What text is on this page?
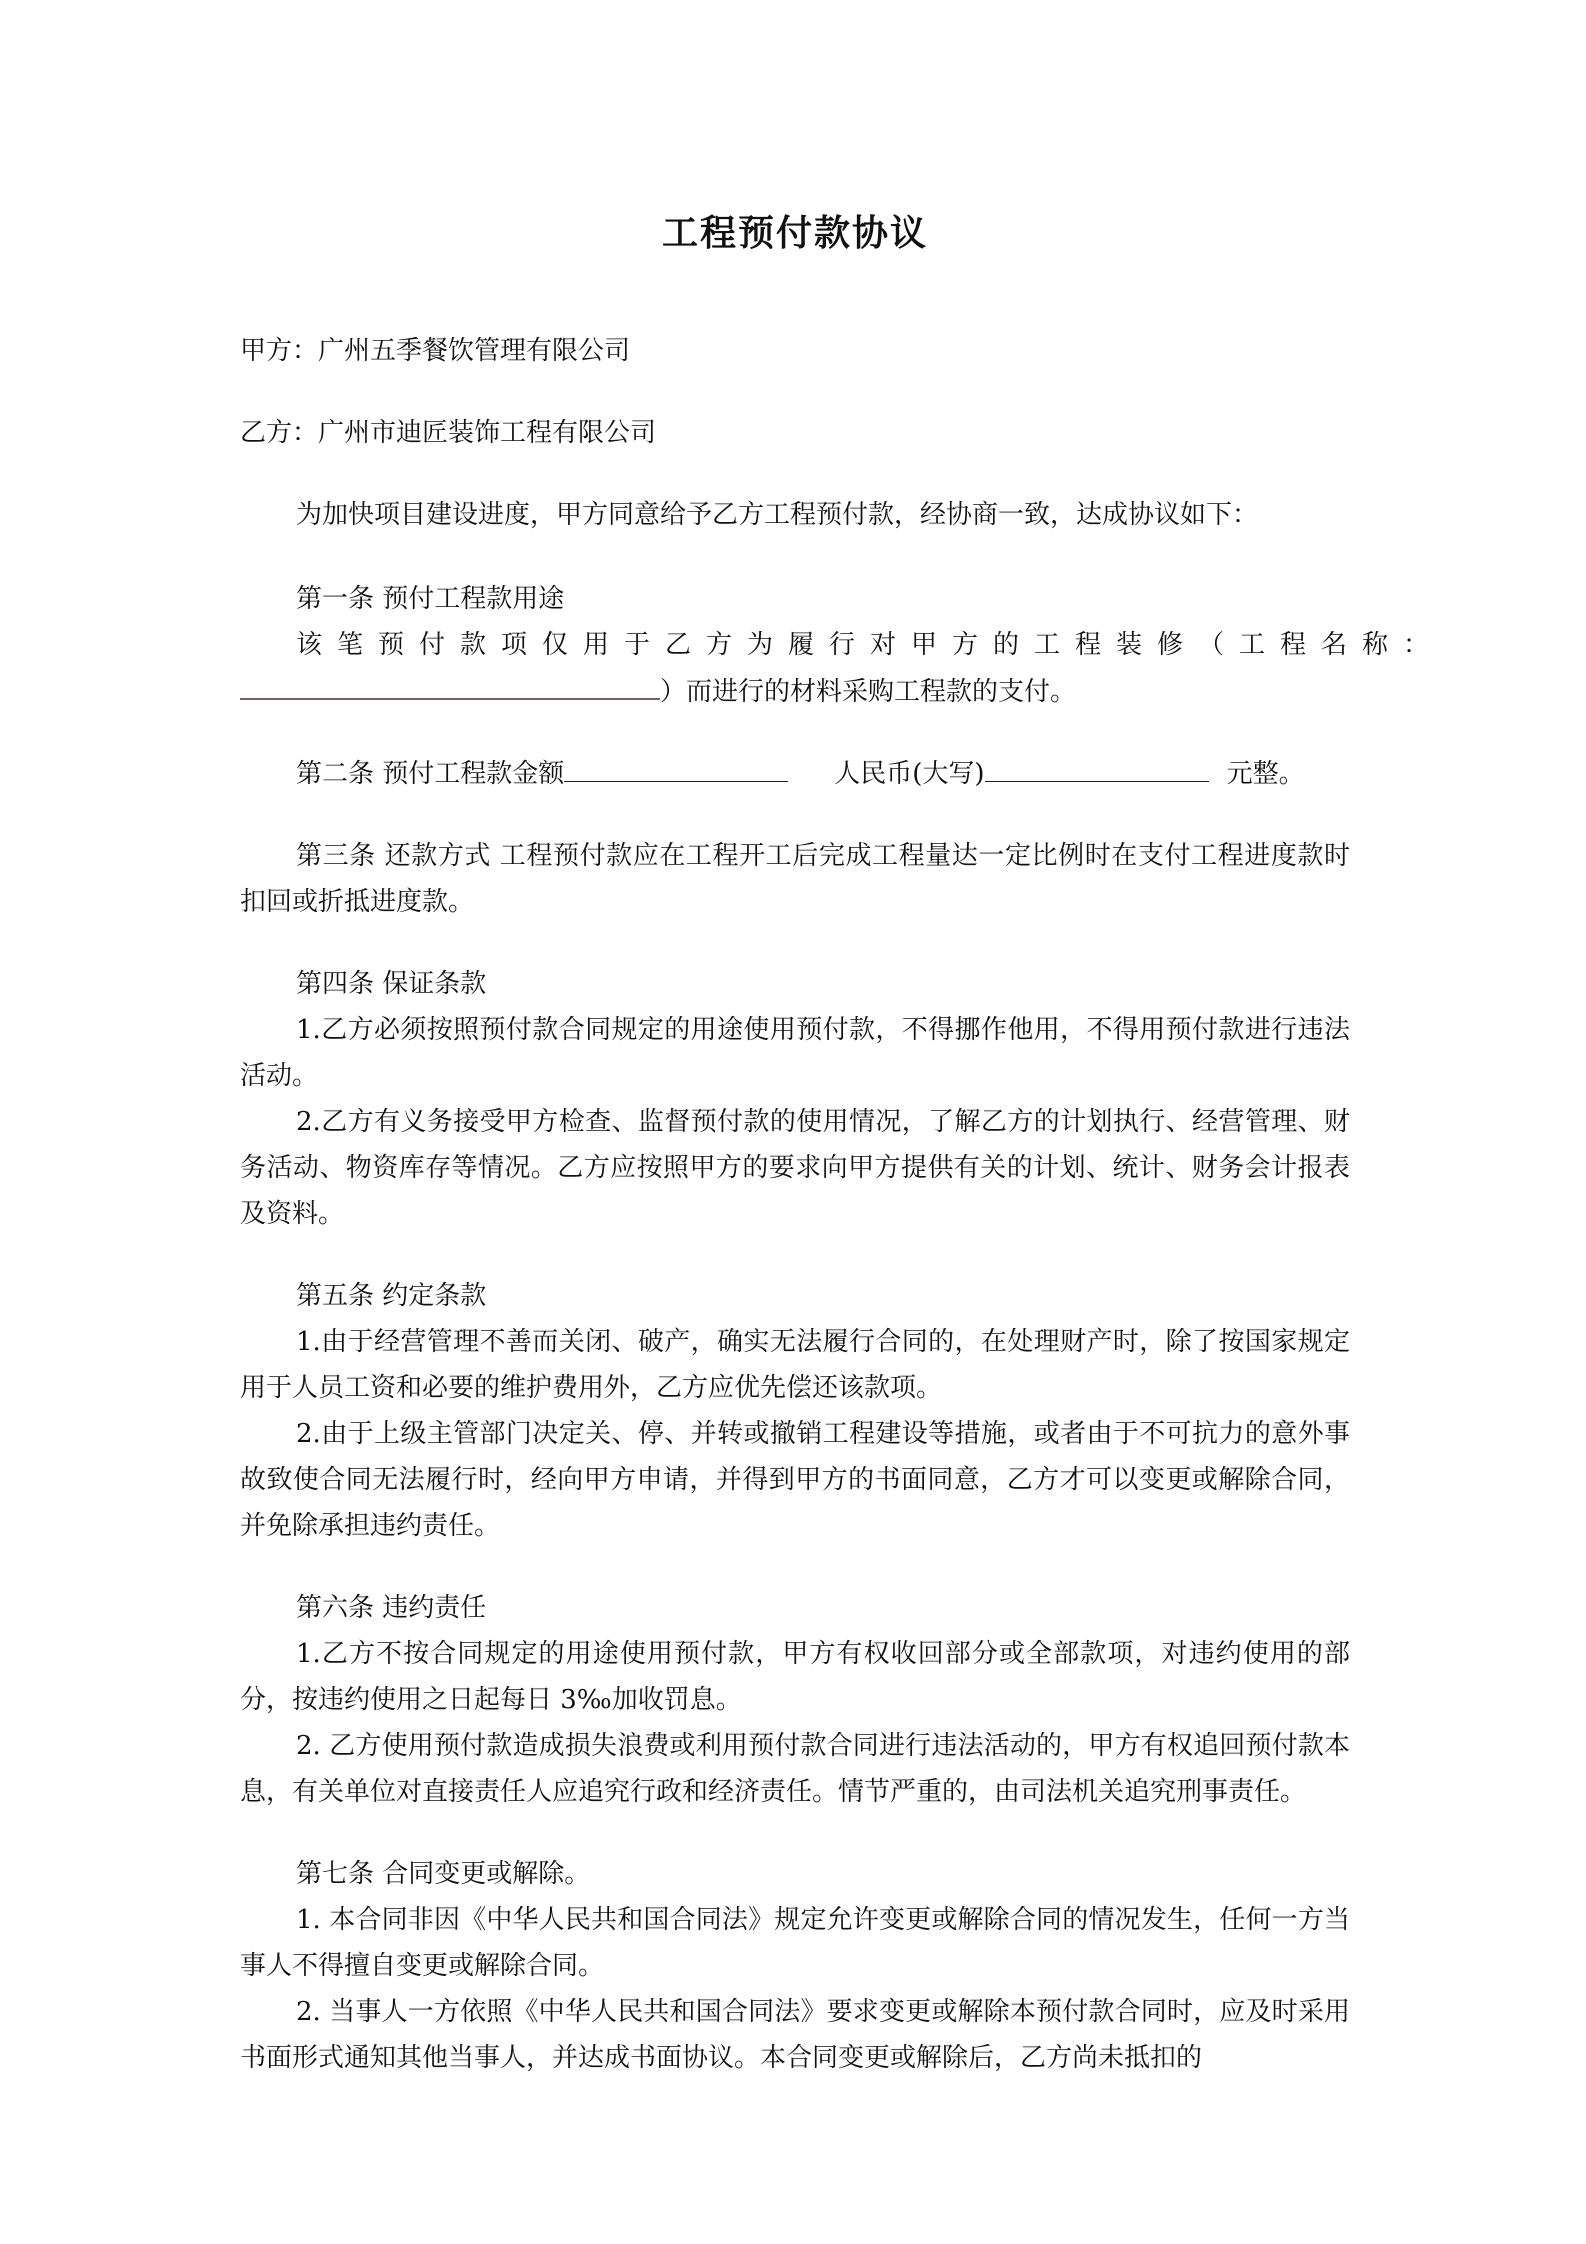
工程预付款协议

甲方：广州五季餐饮管理有限公司

乙方：广州市迪匠装饰工程有限公司

为加快项目建设进度，甲方同意给予乙方工程预付款，经协商一致，达成协议如下：

第一条 预付工程款用途

该笔预付款项仅用于乙方为履行对甲方的工程装修（工程名称：

）而进行的材料采购工程款的支付。

第二条 预付工程款金额	人民币(大写)	元整。

第三条 还款方式 工程预付款应在工程开工后完成工程量达一定比例时在支付工程进度款时扣回或折抵进度款。

第四条 保证条款

1.乙方必须按照预付款合同规定的用途使用预付款，不得挪作他用，不得用预付款进行违法活动。

2.乙方有义务接受甲方检查、监督预付款的使用情况，了解乙方的计划执行、经营管理、财务活动、物资库存等情况。乙方应按照甲方的要求向甲方提供有关的计划、统计、财务会计报表及资料。

第五条 约定条款

1.由于经营管理不善而关闭、破产，确实无法履行合同的，在处理财产时，除了按国家规定用于人员工资和必要的维护费用外，乙方应优先偿还该款项。

2.由于上级主管部门决定关、停、并转或撤销工程建设等措施，或者由于不可抗力的意外事故致使合同无法履行时，经向甲方申请，并得到甲方的书面同意，乙方才可以变更或解除合同，并免除承担违约责任。

第六条 违约责任

1.乙方不按合同规定的用途使用预付款，甲方有权收回部分或全部款项，对违约使用的部分，按违约使用之日起每日 3‰加收罚息。

2. 乙方使用预付款造成损失浪费或利用预付款合同进行违法活动的，甲方有权追回预付款本息，有关单位对直接责任人应追究行政和经济责任。情节严重的，由司法机关追究刑事责任。

第七条 合同变更或解除。

1. 本合同非因《中华人民共和国合同法》规定允许变更或解除合同的情况发生，任何一方当事人不得擅自变更或解除合同。

2. 当事人一方依照《中华人民共和国合同法》要求变更或解除本预付款合同时，应及时采用书面形式通知其他当事人，并达成书面协议。本合同变更或解除后，乙方尚未抵扣的
